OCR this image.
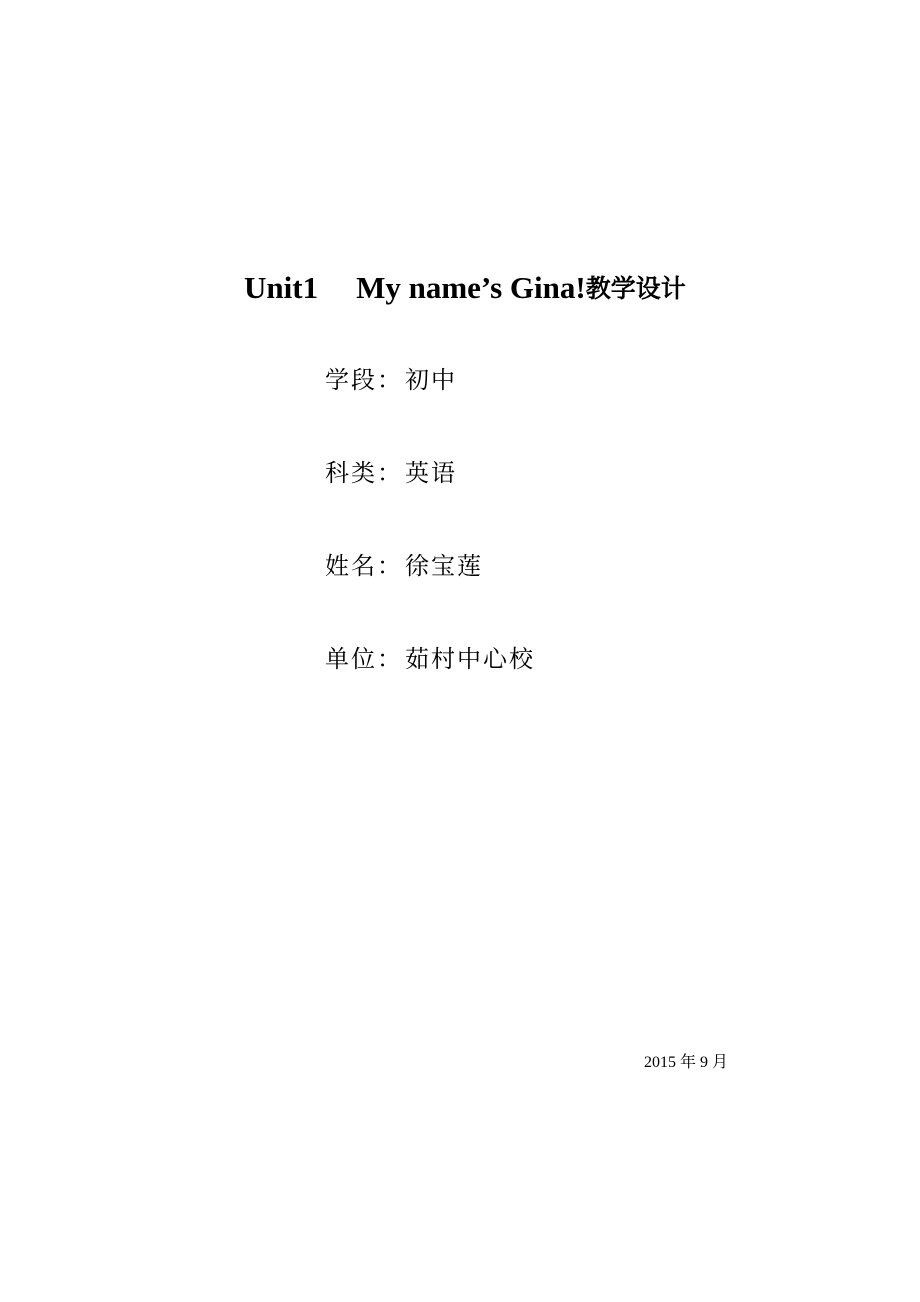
Unit1 My name’s Gina!教学设计
学段：初中
科类：英语
姓名：徐宝莲
单位：茹村中心校
2015 年 9 月
